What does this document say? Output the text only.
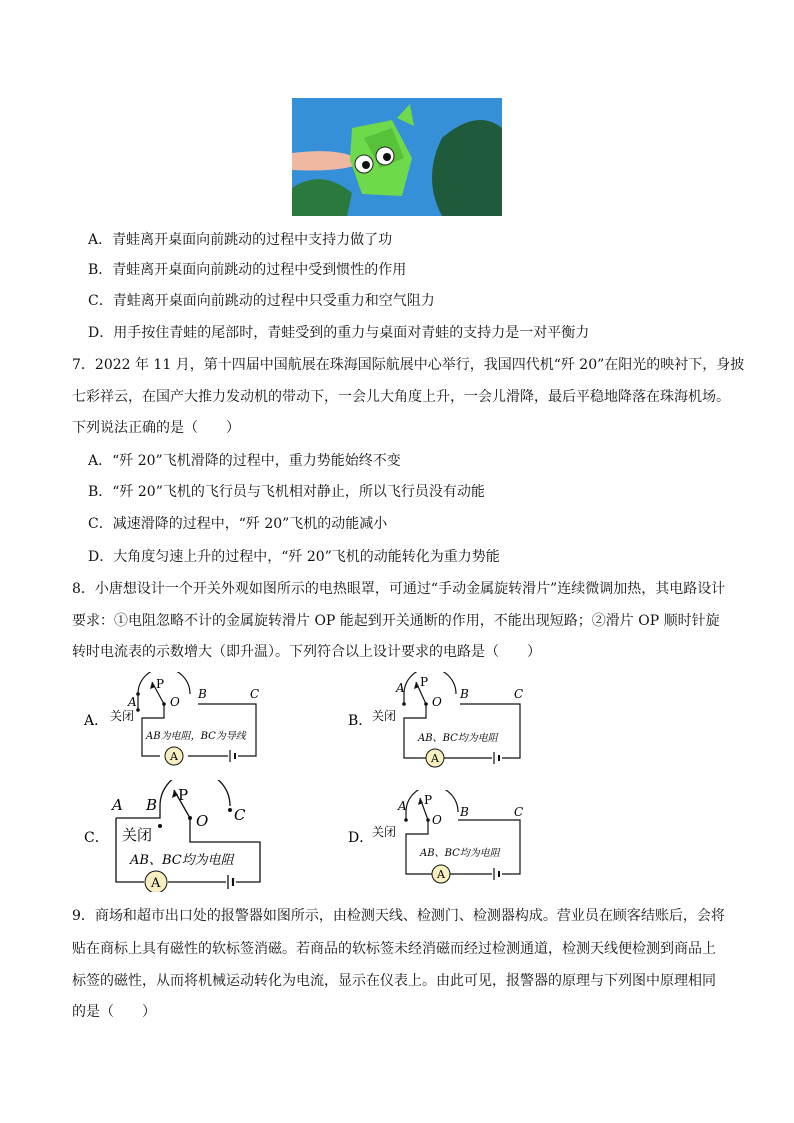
A．青蛙离开桌面向前跳动的过程中支持力做了功
B．青蛙离开桌面向前跳动的过程中受到惯性的作用
C．青蛙离开桌面向前跳动的过程中只受重力和空气阻力
D．用手按住青蛙的尾部时，青蛙受到的重力与桌面对青蛙的支持力是一对平衡力
7．2022 年 11 月，第十四届中国航展在珠海国际航展中心举行，我国四代机“歼 20”在阳光的映衬下，身披
七彩祥云，在国产大推力发动机的带动下，一会儿大角度上升，一会儿滑降，最后平稳地降落在珠海机场。
下列说法正确的是（　　）
A．“歼 20”飞机滑降的过程中，重力势能始终不变
B．“歼 20”飞机的飞行员与飞机相对静止，所以飞行员没有动能
C．减速滑降的过程中，“歼 20”飞机的动能减小
D．大角度匀速上升的过程中，“歼 20”飞机的动能转化为重力势能
8．小唐想设计一个开关外观如图所示的电热眼罩，可通过“手动金属旋转滑片”连续微调加热，其电路设计
要求：①电阻忽略不计的金属旋转滑片 OP 能起到开关通断的作用，不能出现短路；②滑片 OP 顺时针旋
转时电流表的示数增大（即升温）。下列符合以上设计要求的电路是（　　）
A．
A
B	C
O
P
关闭
A
AB为电阻，BC为导线
B．
A	B	C
O
P
关闭
A
AB、BC均为电阻
C．
A B
C
O
P
关闭
A
AB、BC均为电阻
D．
A	B	C
O
P
关闭
A
AB、BC均为电阻
9．商场和超市出口处的报警器如图所示，由检测天线、检测门、检测器构成。营业员在顾客结账后，会将
贴在商标上具有磁性的软标签消磁。若商品的软标签未经消磁而经过检测通道，检测天线便检测到商品上
标签的磁性，从而将机械运动转化为电流，显示在仪表上。由此可见，报警器的原理与下列图中原理相同
的是（　　）
